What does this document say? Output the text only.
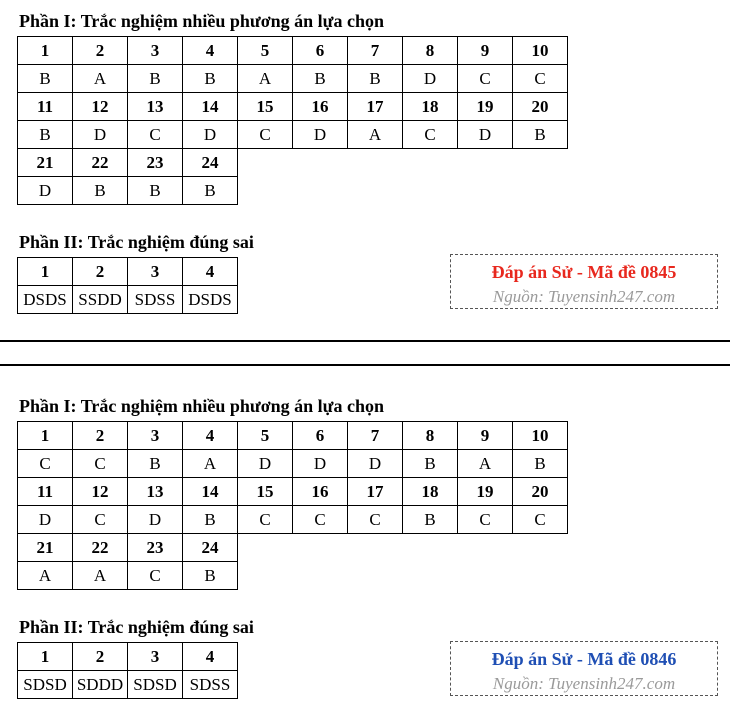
Phần I: Trắc nghiệm nhiều phương án lựa chọn
1	2	3	4	5	6	7	8	9	10
B	A	B	B	A	B	B	D	C	C
11	12	13	14	15	16	17	18	19	20
B	D	C	D	C	D	A	C	D	B
21	22	23	24						
D	B	B	B						
Phần II: Trắc nghiệm đúng sai
1	2	3	4
DSDS	SSDD	SDSS	DSDS
Đáp án Sử - Mã đề 0845
Nguồn: Tuyensinh247.com
Phần I: Trắc nghiệm nhiều phương án lựa chọn
1	2	3	4	5	6	7	8	9	10
C	C	B	A	D	D	D	B	A	B
11	12	13	14	15	16	17	18	19	20
D	C	D	B	C	C	C	B	C	C
21	22	23	24						
A	A	C	B						
Phần II: Trắc nghiệm đúng sai
1	2	3	4
SDSD	SDDD	SDSD	SDSS
Đáp án Sử - Mã đề 0846
Nguồn: Tuyensinh247.com
